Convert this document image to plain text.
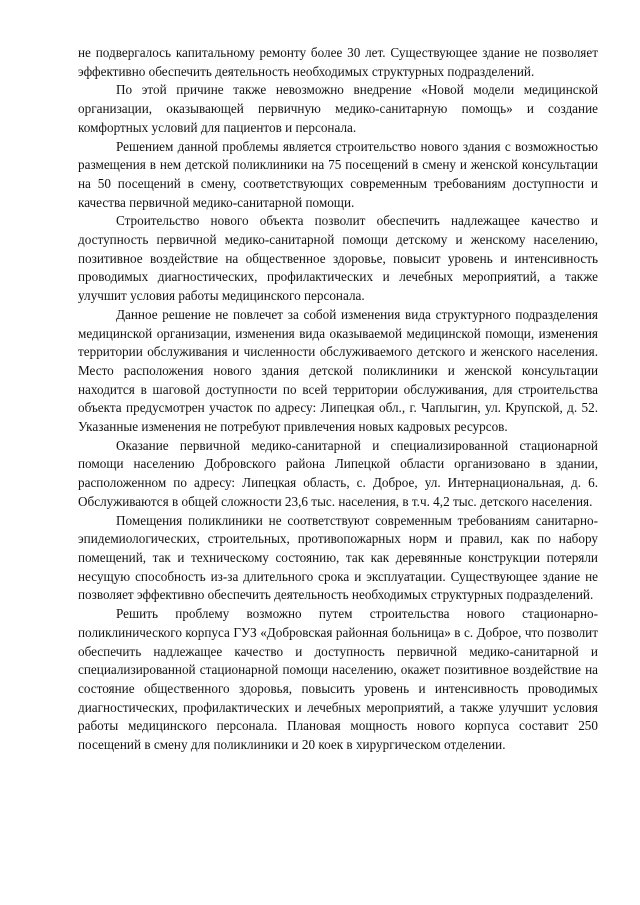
не подвергалось капитальному ремонту более 30 лет. Существующее здание не позволяет эффективно обеспечить деятельность необходимых структурных подразделений.

По этой причине также невозможно внедрение «Новой модели медицинской организации, оказывающей первичную медико-санитарную помощь» и создание комфортных условий для пациентов и персонала.

Решением данной проблемы является строительство нового здания с возможностью размещения в нем детской поликлиники на 75 посещений в смену и женской консультации на 50 посещений в смену, соответствующих современным требованиям доступности и качества первичной медико-санитарной помощи.

Строительство нового объекта позволит обеспечить надлежащее качество и доступность первичной медико-санитарной помощи детскому и женскому населению, позитивное воздействие на общественное здоровье, повысит уровень и интенсивность проводимых диагностических, профилактических и лечебных мероприятий, а также улучшит условия работы медицинского персонала.

Данное решение не повлечет за собой изменения вида структурного подразделения медицинской организации, изменения вида оказываемой медицинской помощи, изменения территории обслуживания и численности обслуживаемого детского и женского населения. Место расположения нового здания детской поликлиники и женской консультации находится в шаговой доступности по всей территории обслуживания, для строительства объекта предусмотрен участок по адресу: Липецкая обл., г. Чаплыгин, ул. Крупской, д. 52. Указанные изменения не потребуют привлечения новых кадровых ресурсов.

Оказание первичной медико-санитарной и специализированной стационарной помощи населению Добровского района Липецкой области организовано в здании, расположенном по адресу: Липецкая область, с. Доброе, ул. Интернациональная, д. 6. Обслуживаются в общей сложности 23,6 тыс. населения, в т.ч. 4,2 тыс. детского населения.

Помещения поликлиники не соответствуют современным требованиям санитарно-эпидемиологических, строительных, противопожарных норм и правил, как по набору помещений, так и техническому состоянию, так как деревянные конструкции потеряли несущую способность из-за длительного срока и эксплуатации. Существующее здание не позволяет эффективно обеспечить деятельность необходимых структурных подразделений.

Решить проблему возможно путем строительства нового стационарно-поликлинического корпуса ГУЗ «Добровская районная больница» в с. Доброе, что позволит обеспечить надлежащее качество и доступность первичной медико-санитарной и специализированной стационарной помощи населению, окажет позитивное воздействие на состояние общественного здоровья, повысить уровень и интенсивность проводимых диагностических, профилактических и лечебных мероприятий, а также улучшит условия работы медицинского персонала. Плановая мощность нового корпуса составит 250 посещений в смену для поликлиники и 20 коек в хирургическом отделении.
